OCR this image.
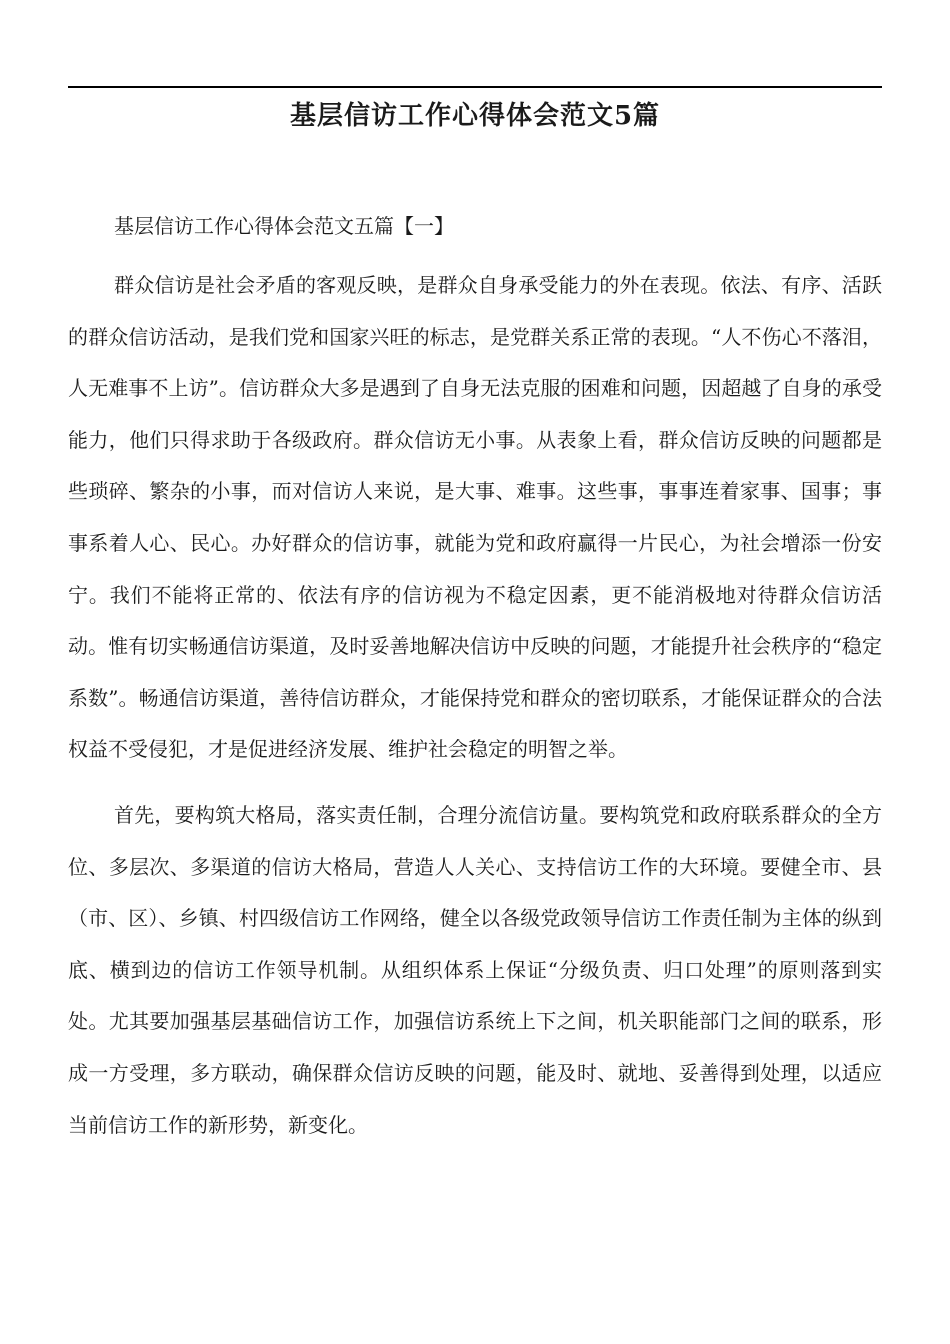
基层信访工作心得体会范文5篇

基层信访工作心得体会范文五篇【一】

群众信访是社会矛盾的客观反映，是群众自身承受能力的外在表现。依法、有序、活跃的群众信访活动，是我们党和国家兴旺的标志，是党群关系正常的表现。“人不伤心不落泪，人无难事不上访”。信访群众大多是遇到了自身无法克服的困难和问题，因超越了自身的承受能力，他们只得求助于各级政府。群众信访无小事。从表象上看，群众信访反映的问题都是些琐碎、繁杂的小事，而对信访人来说，是大事、难事。这些事，事事连着家事、国事；事事系着人心、民心。办好群众的信访事，就能为党和政府赢得一片民心，为社会增添一份安宁。我们不能将正常的、依法有序的信访视为不稳定因素，更不能消极地对待群众信访活动。惟有切实畅通信访渠道，及时妥善地解决信访中反映的问题，才能提升社会秩序的“稳定系数”。畅通信访渠道，善待信访群众，才能保持党和群众的密切联系，才能保证群众的合法权益不受侵犯，才是促进经济发展、维护社会稳定的明智之举。

首先，要构筑大格局，落实责任制，合理分流信访量。要构筑党和政府联系群众的全方位、多层次、多渠道的信访大格局，营造人人关心、支持信访工作的大环境。要健全市、县（市、区）、乡镇、村四级信访工作网络，健全以各级党政领导信访工作责任制为主体的纵到底、横到边的信访工作领导机制。从组织体系上保证“分级负责、归口处理”的原则落到实处。尤其要加强基层基础信访工作，加强信访系统上下之间，机关职能部门之间的联系，形成一方受理，多方联动，确保群众信访反映的问题，能及时、就地、妥善得到处理，以适应当前信访工作的新形势，新变化。
